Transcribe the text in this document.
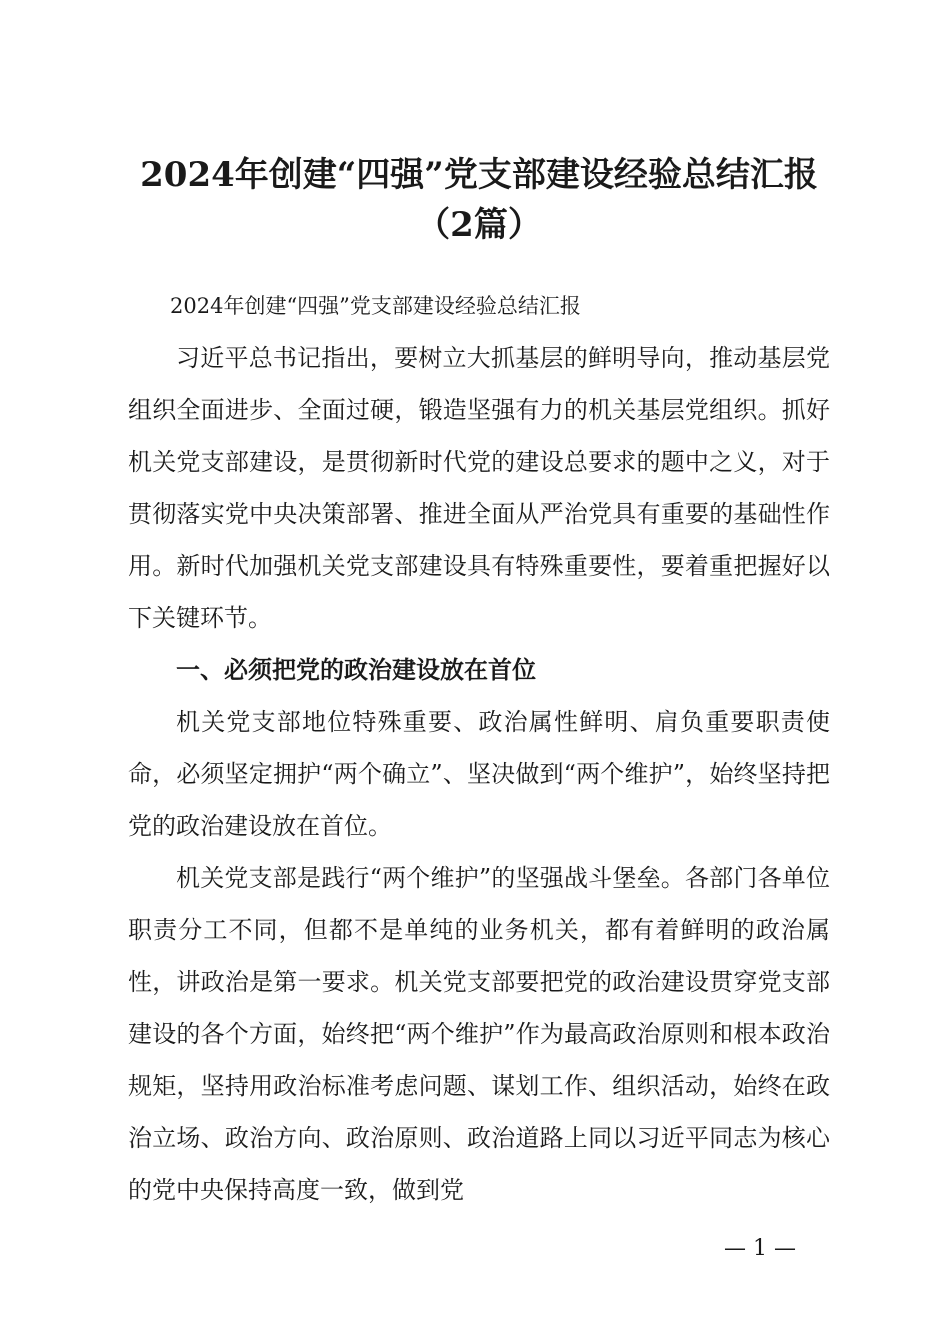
2024年创建“四强”党支部建设经验总结汇报（2篇）

2024年创建“四强”党支部建设经验总结汇报

习近平总书记指出，要树立大抓基层的鲜明导向，推动基层党组织全面进步、全面过硬，锻造坚强有力的机关基层党组织。抓好机关党支部建设，是贯彻新时代党的建设总要求的题中之义，对于贯彻落实党中央决策部署、推进全面从严治党具有重要的基础性作用。新时代加强机关党支部建设具有特殊重要性，要着重把握好以下关键环节。

一、必须把党的政治建设放在首位

机关党支部地位特殊重要、政治属性鲜明、肩负重要职责使命，必须坚定拥护“两个确立”、坚决做到“两个维护”，始终坚持把党的政治建设放在首位。

机关党支部是践行“两个维护”的坚强战斗堡垒。各部门各单位职责分工不同，但都不是单纯的业务机关，都有着鲜明的政治属性，讲政治是第一要求。机关党支部要把党的政治建设贯穿党支部建设的各个方面，始终把“两个维护”作为最高政治原则和根本政治规矩，坚持用政治标准考虑问题、谋划工作、组织活动，始终在政治立场、政治方向、政治原则、政治道路上同以习近平同志为核心的党中央保持高度一致，做到党

— 1 —
